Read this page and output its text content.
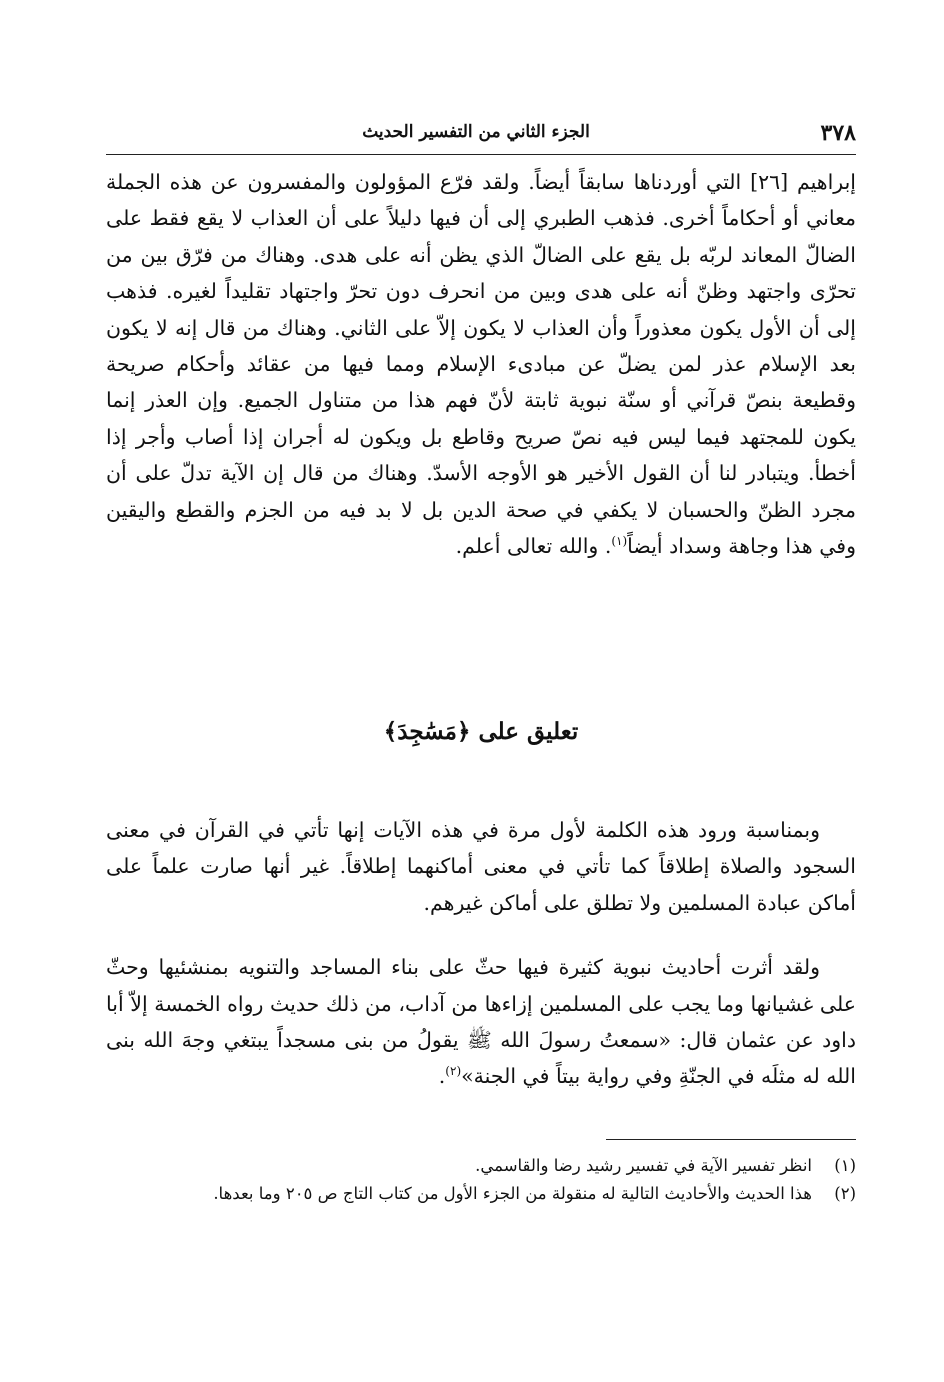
٣٧٨
الجزء الثاني من التفسير الحديث

إبراهيم [٢٦] التي أوردناها سابقاً أيضاً. ولقد فرّع المؤولون والمفسرون عن هذه الجملة معاني أو أحكاماً أخرى. فذهب الطبري إلى أن فيها دليلاً على أن العذاب لا يقع فقط على الضالّ المعاند لربّه بل يقع على الضالّ الذي يظن أنه على هدى. وهناك من فرّق بين من تحرّى واجتهد وظنّ أنه على هدى وبين من انحرف دون تحرّ واجتهاد تقليداً لغيره. فذهب إلى أن الأول يكون معذوراً وأن العذاب لا يكون إلاّ على الثاني. وهناك من قال إنه لا يكون بعد الإسلام عذر لمن يضلّ عن مبادىء الإسلام ومما فيها من عقائد وأحكام صريحة وقطيعة بنصّ قرآني أو سنّة نبوية ثابتة لأنّ فهم هذا من متناول الجميع. وإن العذر إنما يكون للمجتهد فيما ليس فيه نصّ صريح وقاطع بل ويكون له أجران إذا أصاب وأجر إذا أخطأ. ويتبادر لنا أن القول الأخير هو الأوجه الأسدّ. وهناك من قال إن الآية تدلّ على أن مجرد الظنّ والحسبان لا يكفي في صحة الدين بل لا بد فيه من الجزم والقطع واليقين وفي هذا وجاهة وسداد أيضاً$^{(١)}$. والله تعالى أعلم.

تعليق على ﴿مَسَٰجِدَ﴾

وبمناسبة ورود هذه الكلمة لأول مرة في هذه الآيات إنها تأتي في القرآن في معنى السجود والصلاة إطلاقاً كما تأتي في معنى أماكنهما إطلاقاً. غير أنها صارت علماً على أماكن عبادة المسلمين ولا تطلق على أماكن غيرهم.

ولقد أثرت أحاديث نبوية كثيرة فيها حثّ على بناء المساجد والتنويه بمنشئيها وحثّ على غشيانها وما يجب على المسلمين إزاءها من آداب، من ذلك حديث رواه الخمسة إلاّ أبا داود عن عثمان قال: «سمعتُ رسولَ الله ﷺ يقولُ من بنى مسجداً يبتغي وجهَ الله بنى الله له مثلَه في الجنّةِ وفي رواية بيتاً في الجنة»$^{(٢)}$.

(١)
انظر تفسير الآية في تفسير رشيد رضا والقاسمي.
(٢)
هذا الحديث والأحاديث التالية له منقولة من الجزء الأول من كتاب التاج ص ٢٠٥ وما بعدها.
